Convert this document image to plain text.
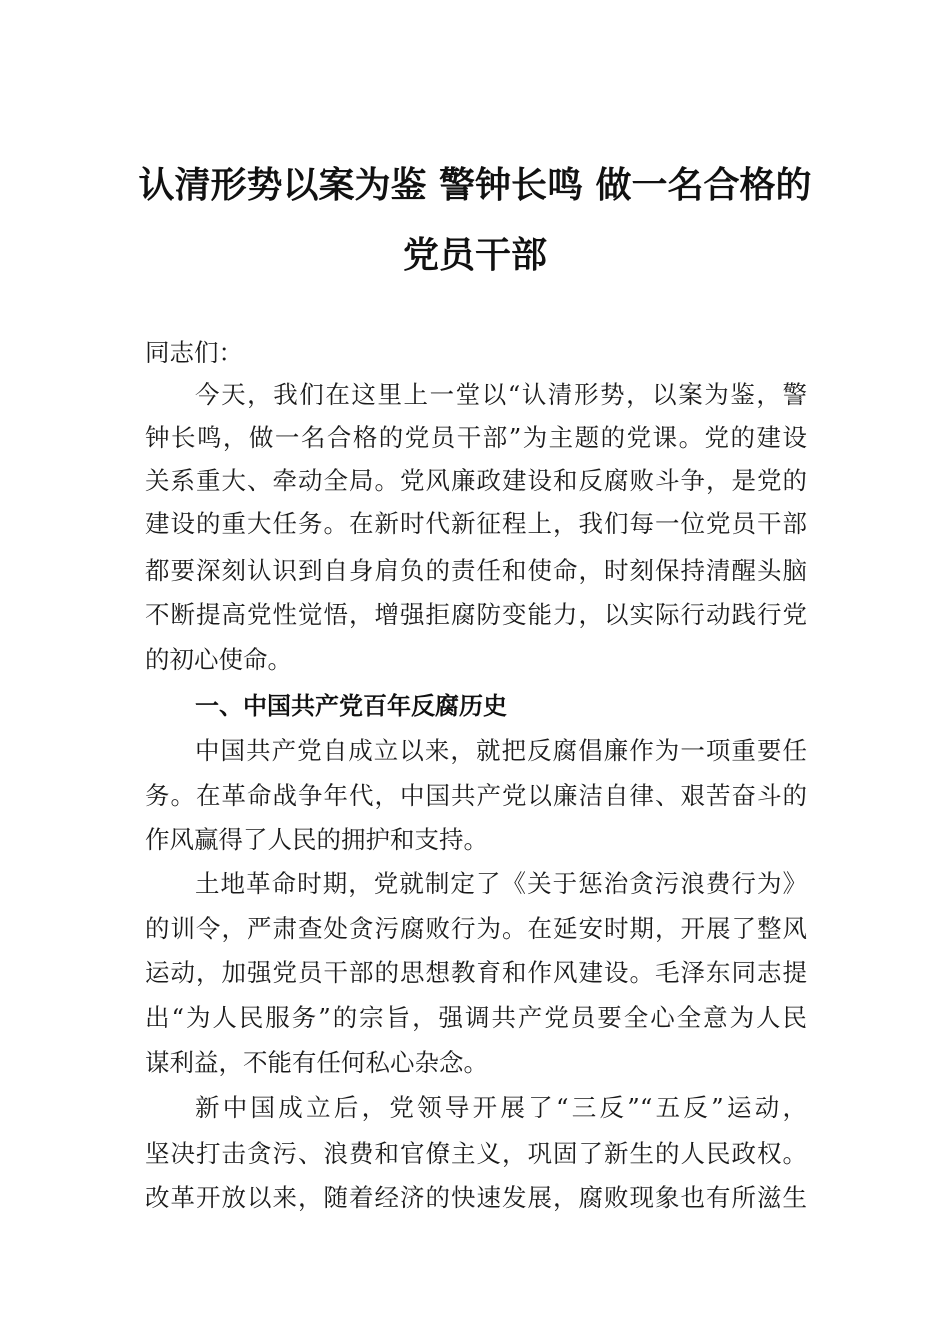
认清形势以案为鉴 警钟长鸣 做一名合格的
党员干部
同志们：
今天，我们在这里上一堂以“认清形势，以案为鉴，警
钟长鸣，做一名合格的党员干部”为主题的党课。党的建设
关系重大、牵动全局。党风廉政建设和反腐败斗争，是党的
建设的重大任务。在新时代新征程上，我们每一位党员干部
都要深刻认识到自身肩负的责任和使命，时刻保持清醒头脑
不断提高党性觉悟，增强拒腐防变能力，以实际行动践行党
的初心使命。
一、中国共产党百年反腐历史
中国共产党自成立以来，就把反腐倡廉作为一项重要任
务。在革命战争年代，中国共产党以廉洁自律、艰苦奋斗的
作风赢得了人民的拥护和支持。
土地革命时期，党就制定了《关于惩治贪污浪费行为》
的训令，严肃查处贪污腐败行为。在延安时期，开展了整风
运动，加强党员干部的思想教育和作风建设。毛泽东同志提
出“为人民服务”的宗旨，强调共产党员要全心全意为人民
谋利益，不能有任何私心杂念。
新中国成立后，党领导开展了“三反”“五反”运动，
坚决打击贪污、浪费和官僚主义，巩固了新生的人民政权。
改革开放以来，随着经济的快速发展，腐败现象也有所滋生
